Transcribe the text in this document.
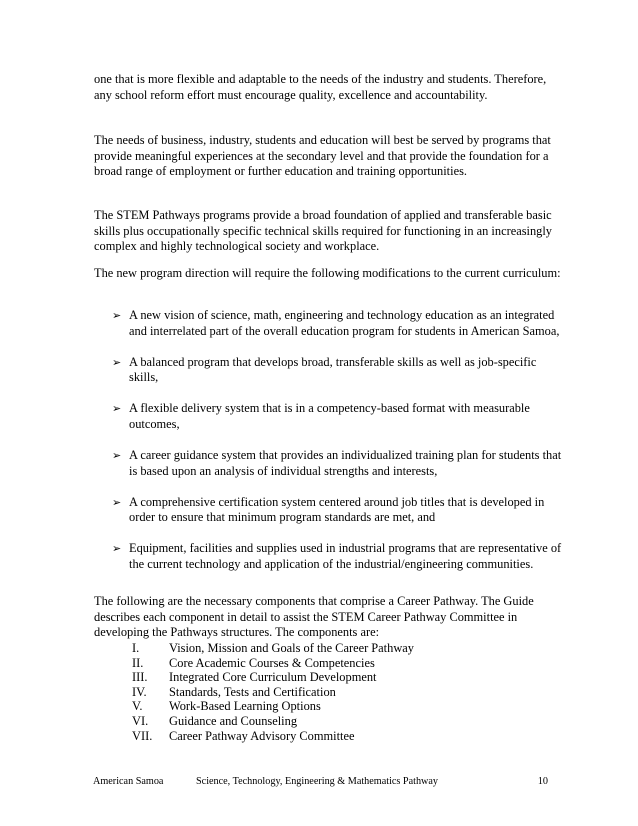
one that is more flexible and adaptable to the needs of the industry and students. Therefore, any school reform effort must encourage quality, excellence and accountability.

The needs of business, industry, students and education will best be served by programs that provide meaningful experiences at the secondary level and that provide the foundation for a broad range of employment or further education and training opportunities.

The STEM Pathways programs provide a broad foundation of applied and transferable basic skills plus occupationally specific technical skills required for functioning in an increasingly complex and highly technological society and workplace.

The new program direction will require the following modifications to the current curriculum:

➢ A new vision of science, math, engineering and technology education as an integrated and interrelated part of the overall education program for students in American Samoa,
➢ A balanced program that develops broad, transferable skills as well as job-specific skills,
➢ A flexible delivery system that is in a competency-based format with measurable outcomes,
➢ A career guidance system that provides an individualized training plan for students that is based upon an analysis of individual strengths and interests,
➢ A comprehensive certification system centered around job titles that is developed in order to ensure that minimum program standards are met, and
➢ Equipment, facilities and supplies used in industrial programs that are representative of the current technology and application of the industrial/engineering communities.

The following are the necessary components that comprise a Career Pathway. The Guide describes each component in detail to assist the STEM Career Pathway Committee in developing the Pathways structures. The components are:

I. Vision, Mission and Goals of the Career Pathway
II. Core Academic Courses & Competencies
III. Integrated Core Curriculum Development
IV. Standards, Tests and Certification
V. Work-Based Learning Options
VI. Guidance and Counseling
VII. Career Pathway Advisory Committee
American Samoa	Science, Technology, Engineering & Mathematics Pathway	10
